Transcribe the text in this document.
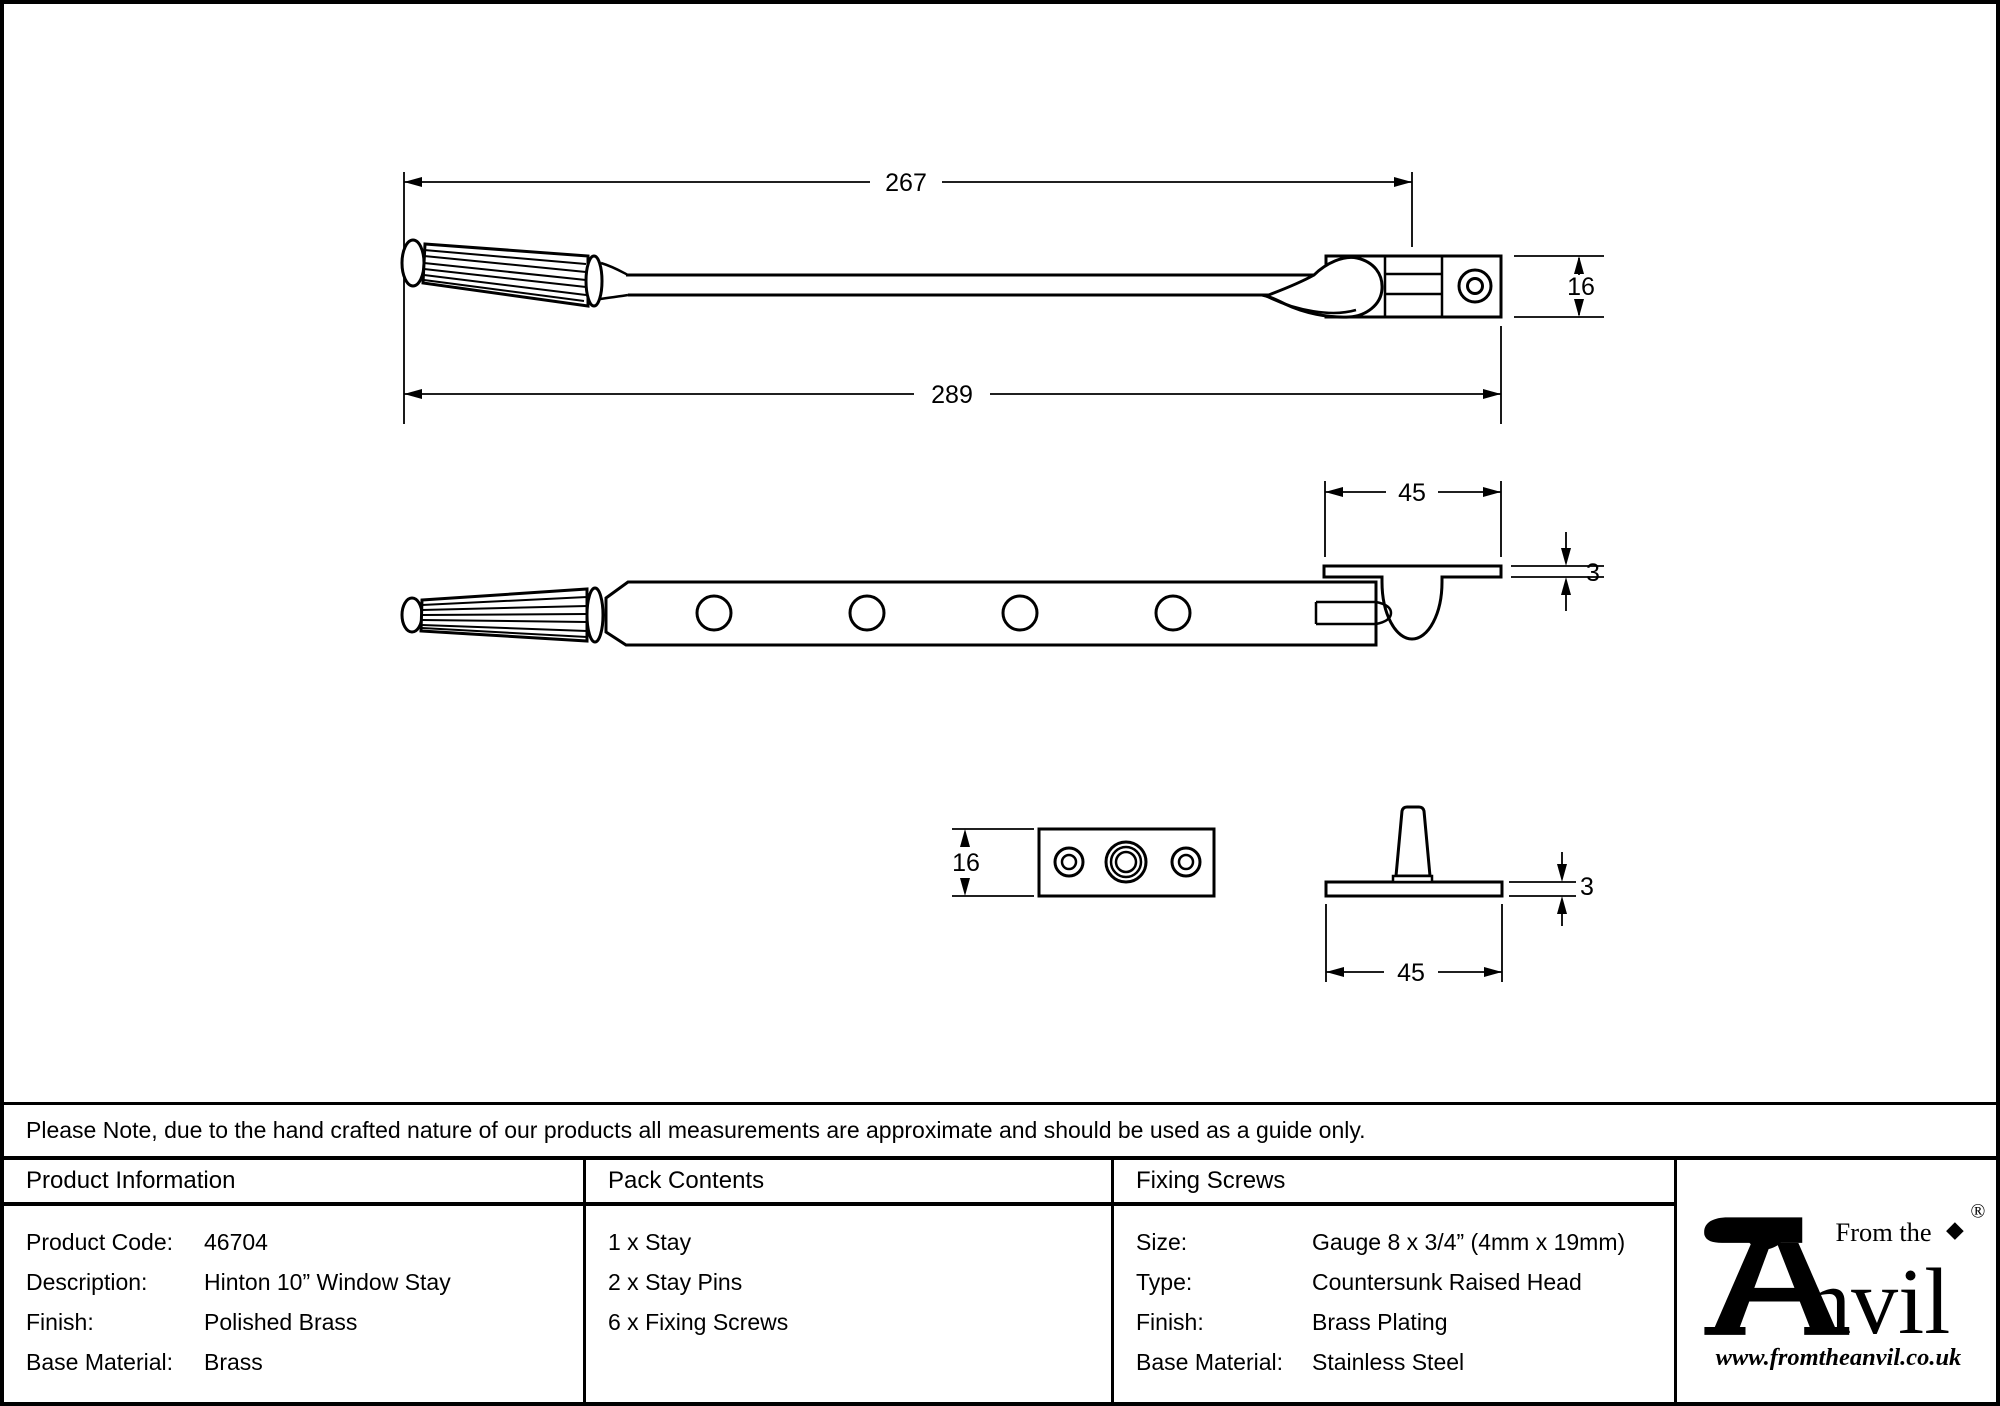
267
289
16
45
3
16
3
45
Please Note, due to the hand crafted nature of our products all measurements are approximate and should be used as a guide only.
Product Information
Product Code:	46704
Description:	Hinton 10” Window Stay
Finish:	Polished Brass
Base Material:	Brass
Pack Contents
1 x Stay
2 x Stay Pins
6 x Fixing Screws
Fixing Screws
Size:	Gauge 8 x 3/4” (4mm x 19mm)
Type:	Countersunk Raised Head
Finish:	Brass Plating
Base Material:	Stainless Steel
nvil
From the
®
www.fromtheanvil.co.uk
